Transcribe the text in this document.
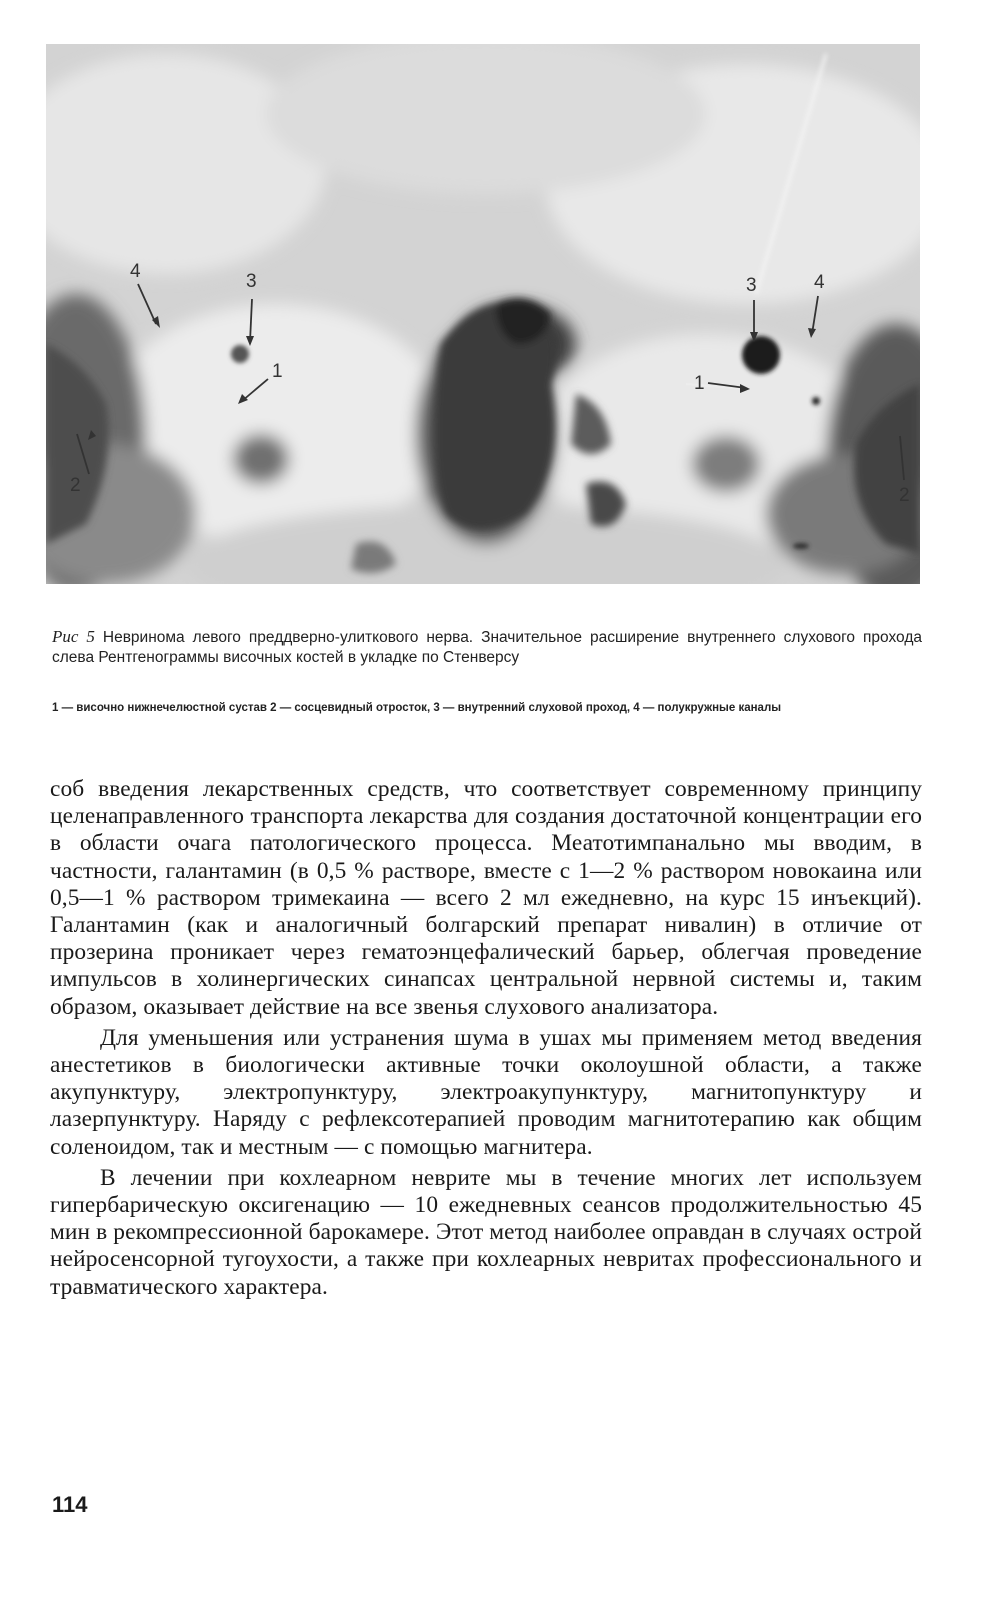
4	3
1
2
3	4
1
2
Рис 5 Невринома левого преддверно-улиткового нерва. Значительное расширение внутреннего слухового прохода слева Рентгенограммы височных костей в укладке по Стенверсу
1 — височно нижнечелюстной сустав 2 — сосцевидный отросток, 3 — внутренний слуховой проход, 4 — полукружные каналы

соб введения лекарственных средств, что соответствует современному принципу целенаправленного транспорта лекарства для создания достаточной концентрации его в области очага патологического процесса. Меатотимпанально мы вводим, в частности, галантамин (в 0,5 % растворе, вместе с 1—2 % раствором новокаина или 0,5—1 % раствором тримекаина — всего 2 мл ежедневно, на курс 15 инъекций). Галантамин (как и аналогичный болгарский препарат нивалин) в отличие от прозерина проникает через гематоэнцефалический барьер, облегчая проведение импульсов в холинергических синапсах центральной нервной системы и, таким образом, оказывает действие на все звенья слухового анализатора.

Для уменьшения или устранения шума в ушах мы применяем метод введения анестетиков в биологически активные точки околоушной области, а также акупунктуру, электропунктуру, электроакупунктуру, магнитопунктуру и лазерпунктуру. Наряду с рефлексотерапией проводим магнитотерапию как общим соленоидом, так и местным — с помощью магнитера.

В лечении при кохлеарном неврите мы в течение многих лет используем гипербарическую оксигенацию — 10 ежедневных сеансов продолжительностью 45 мин в рекомпрессионной барокамере. Этот метод наиболее оправдан в случаях острой нейросенсорной тугоухости, а также при кохлеарных невритах профессионального и травматического характера.

114
